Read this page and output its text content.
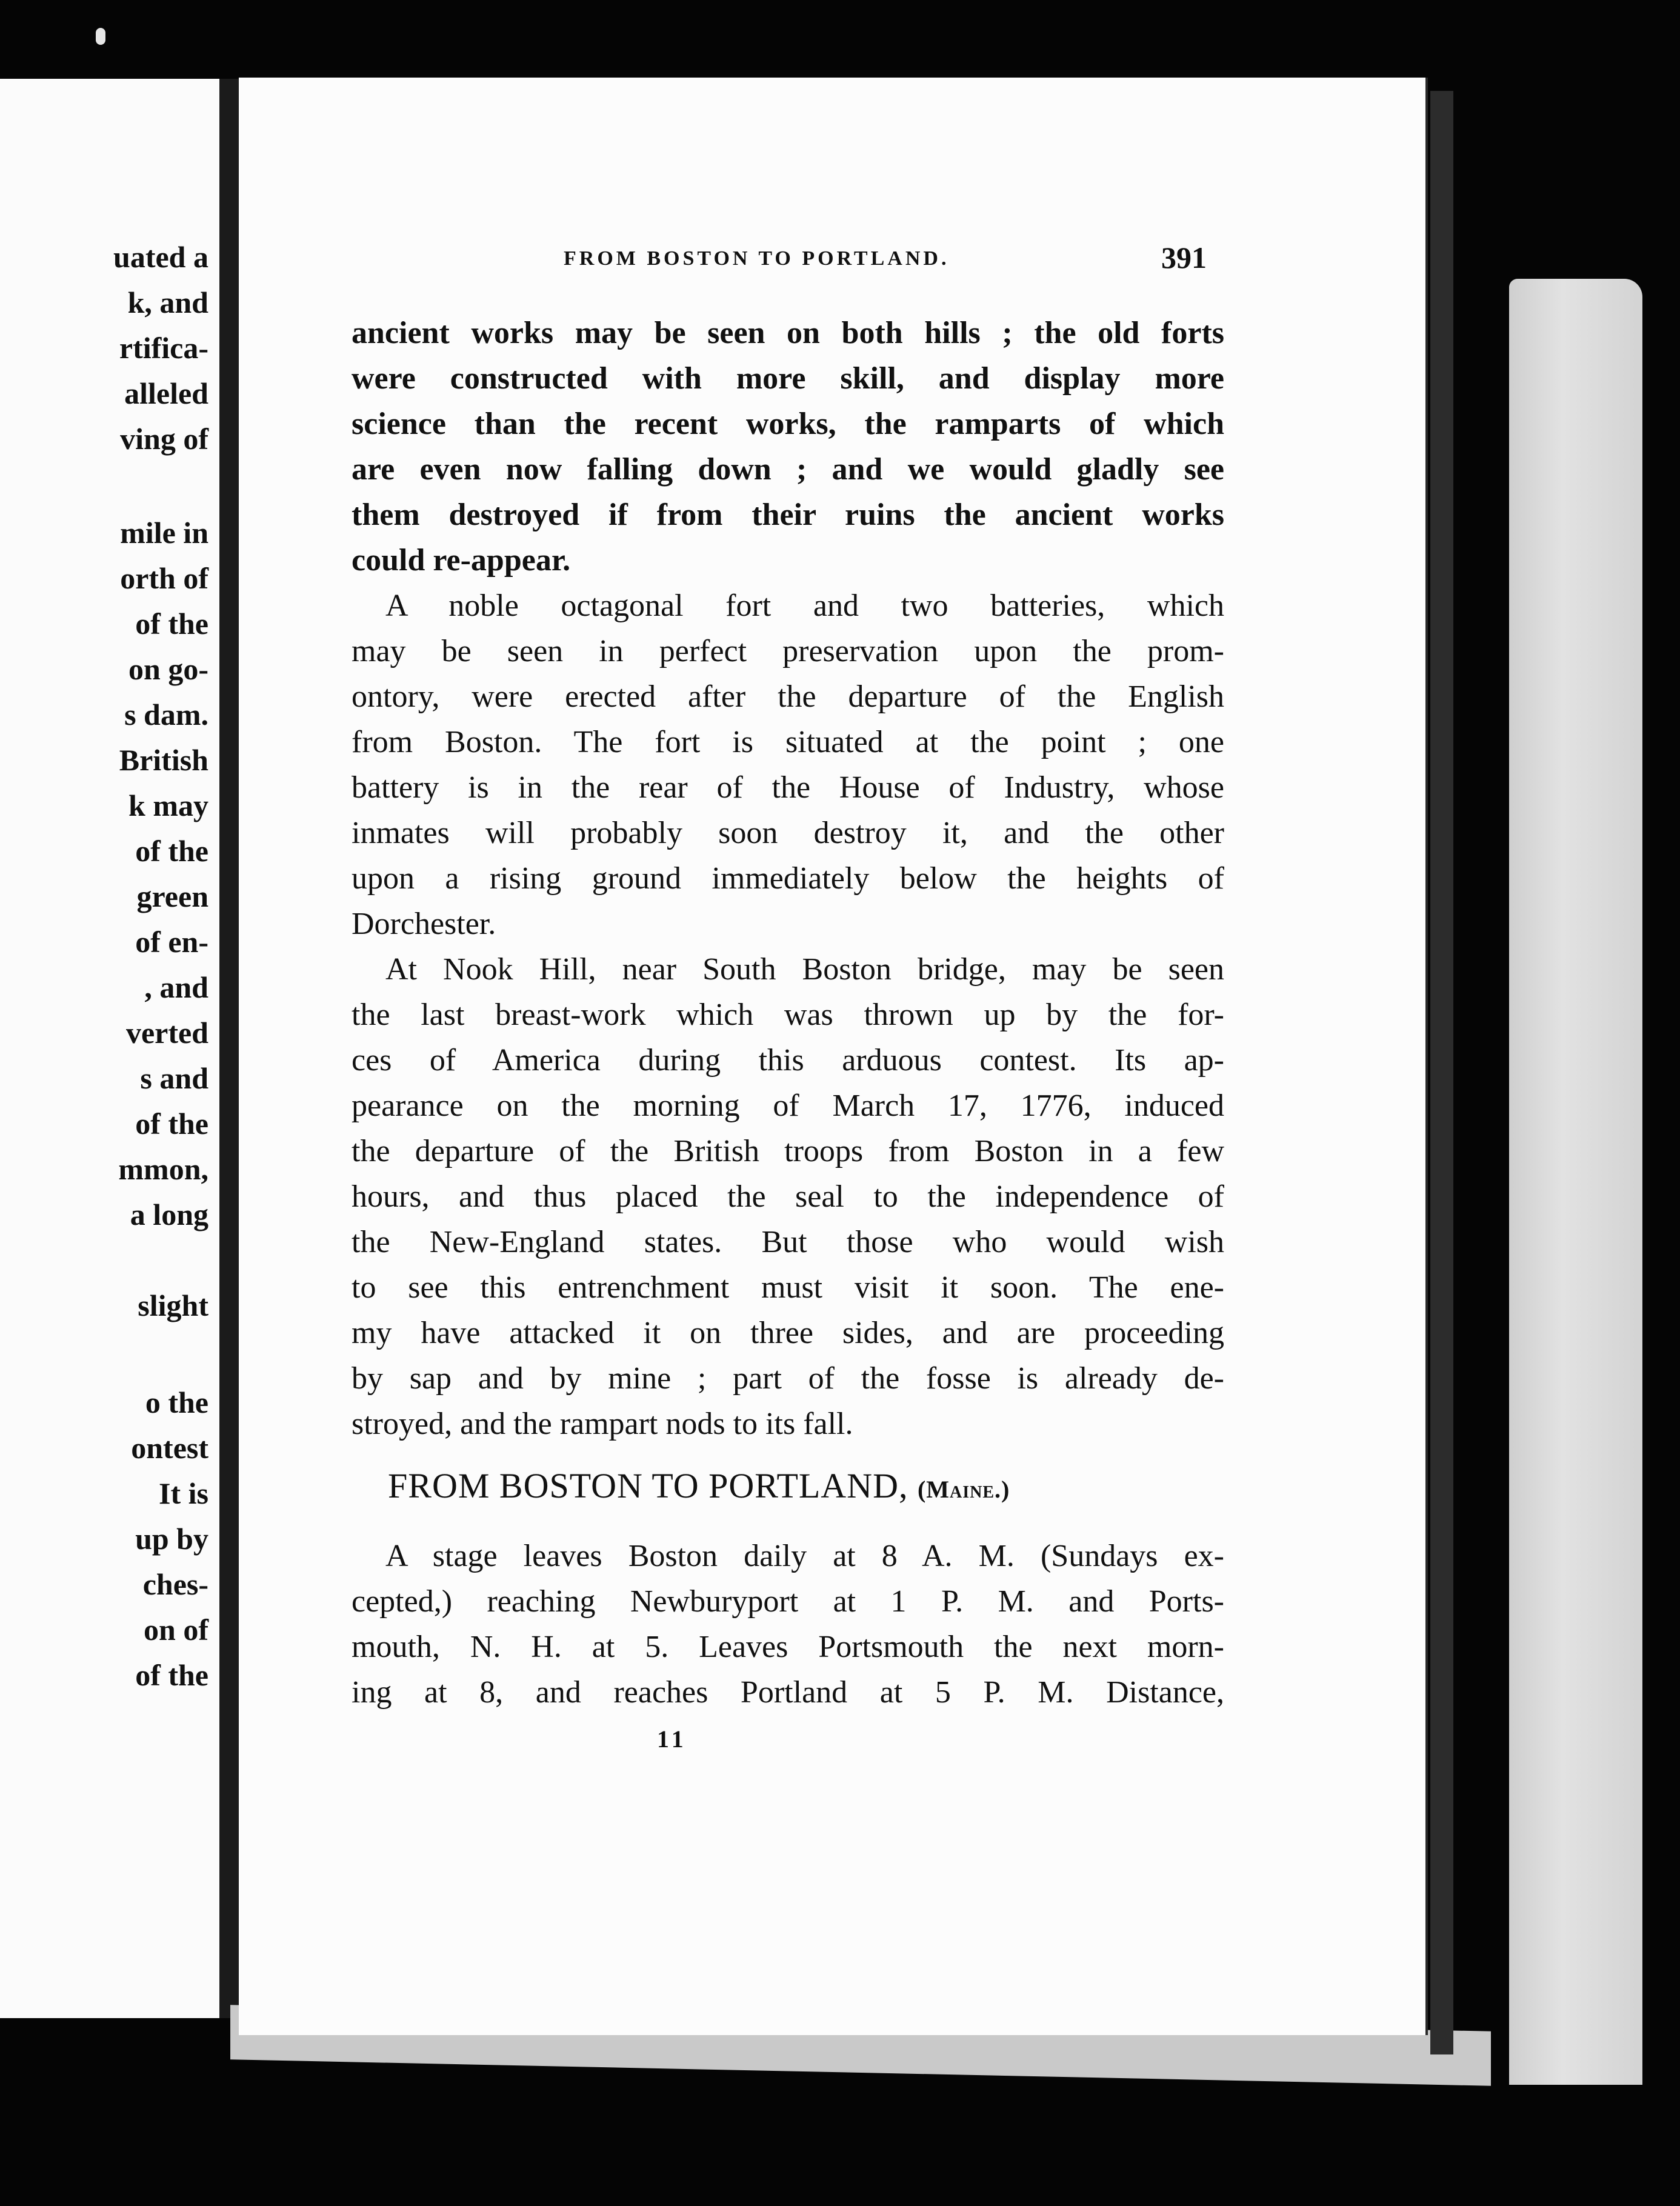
uated a
k, and
rtifica-
alleled
ving of
mile in
orth of
of the
on go-
s dam.
British
k may
of the
green
of en-
, and
verted
s and
of the
mmon,
a long
slight
o the
ontest
It is
up by
ches-
on of
of the
FROM BOSTON TO PORTLAND.	391
ancient works may be seen on both hills ; the old forts
were constructed with more skill, and display more
science than the recent works, the ramparts of which
are even now falling down ; and we would gladly see
them destroyed if from their ruins the ancient works
could re-appear.
A noble octagonal fort and two batteries, which
may be seen in perfect preservation upon the prom-
ontory, were erected after the departure of the English
from Boston. The fort is situated at the point ; one
battery is in the rear of the House of Industry, whose
inmates will probably soon destroy it, and the other
upon a rising ground immediately below the heights of
Dorchester.
At Nook Hill, near South Boston bridge, may be seen
the last breast-work which was thrown up by the for-
ces of America during this arduous contest. Its ap-
pearance on the morning of March 17, 1776, induced
the departure of the British troops from Boston in a few
hours, and thus placed the seal to the independence of
the New-England states. But those who would wish
to see this entrenchment must visit it soon. The ene-
my have attacked it on three sides, and are proceeding
by sap and by mine ; part of the fosse is already de-
stroyed, and the rampart nods to its fall.
FROM BOSTON TO PORTLAND, (Maine.)
A stage leaves Boston daily at 8 A. M. (Sundays ex-
cepted,) reaching Newburyport at 1 P. M. and Ports-
mouth, N. H. at 5. Leaves Portsmouth the next morn-
ing at 8, and reaches Portland at 5 P. M. Distance,
11
